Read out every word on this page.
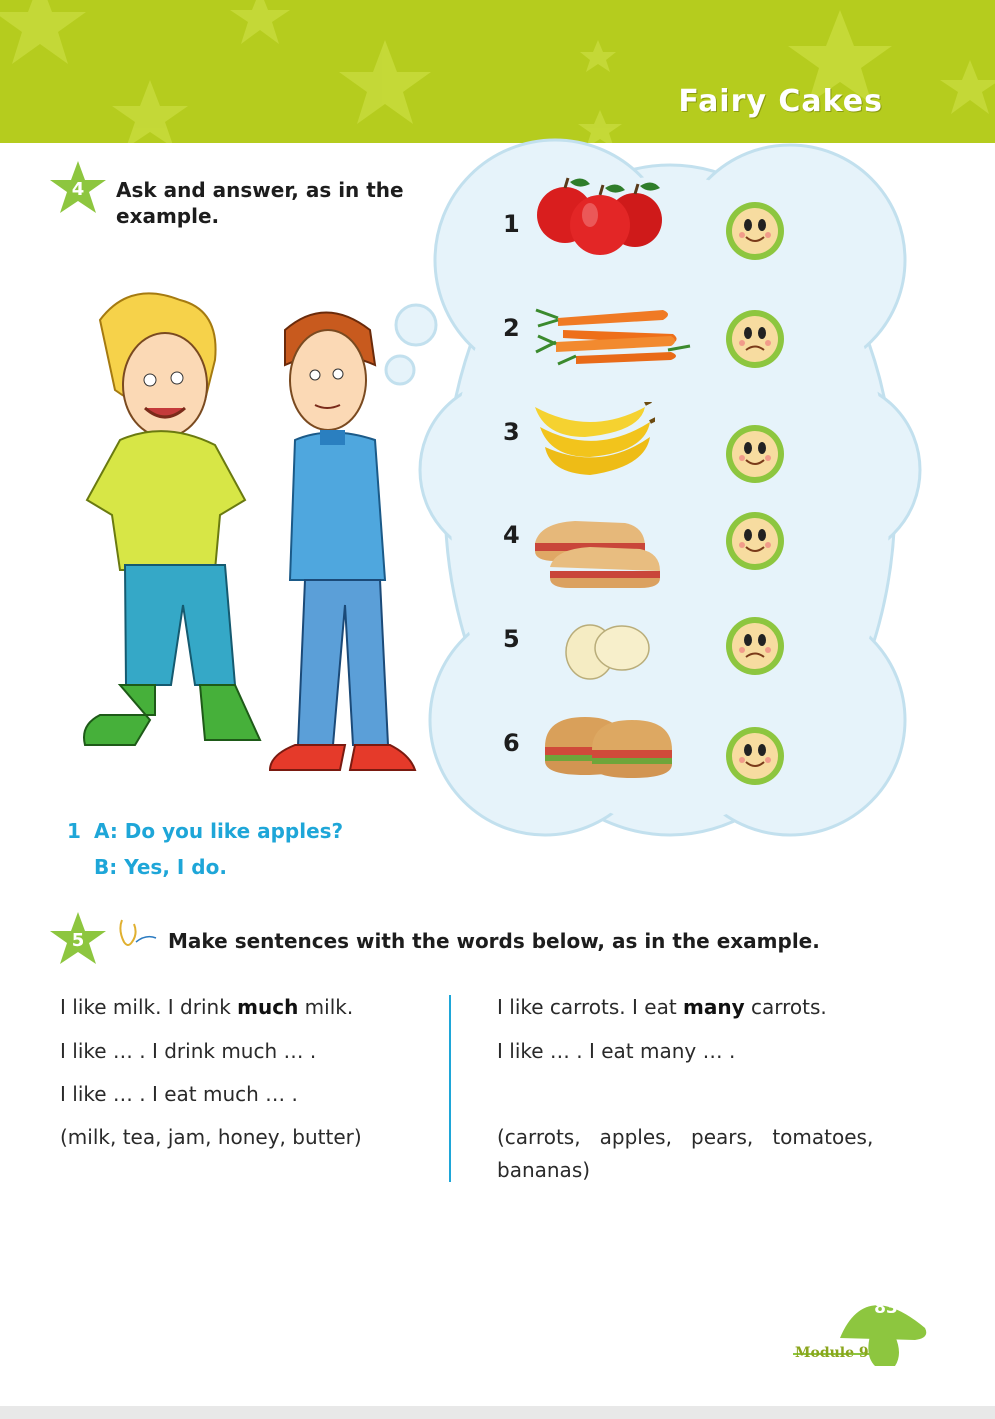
Fairy Cakes
4	Ask and answer, as in the
example.	1
2
3
4
5
6
1 A: Do you like apples?
B: Yes, I do.
5	Make sentences with the words below, as in the example.
I like milk. I drink much milk.
I like … . I drink much … .
I like … . I eat much … .
(milk, tea, jam, honey, butter)
I like carrots. I eat many carrots.
I like … . I eat many … .
(carrots,   apples,   pears,   tomatoes,
bananas)
83
Module 9
